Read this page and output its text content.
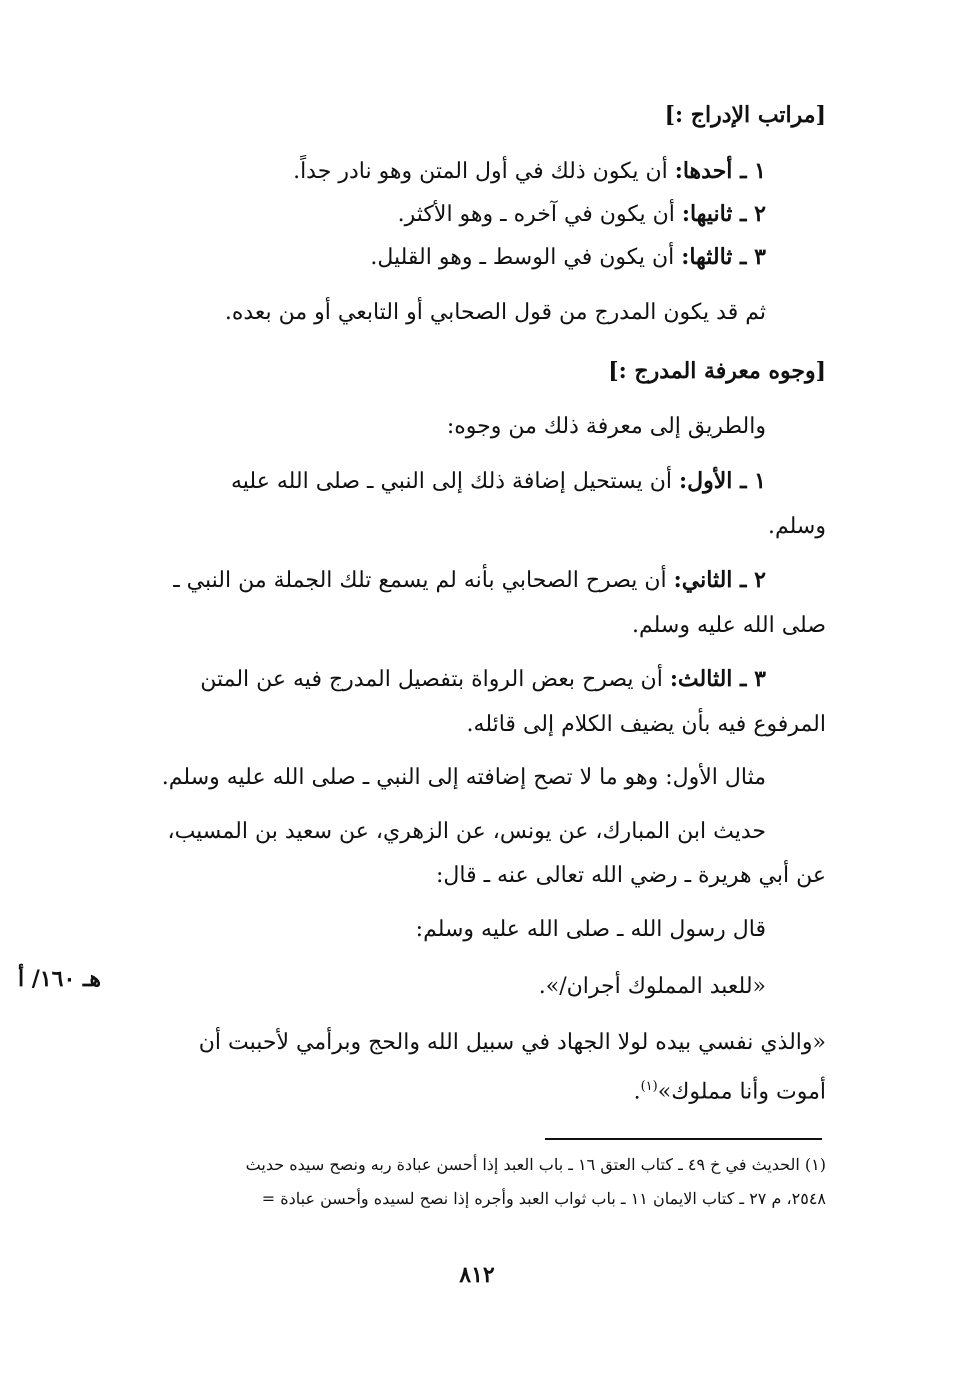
[مراتب الإدراج :]
١ ـ أحدها: أن يكون ذلك في أول المتن وهو نادر جداً.
٢ ـ ثانيها: أن يكون في آخره ـ وهو الأكثر.
٣ ـ ثالثها: أن يكون في الوسط ـ وهو القليل.
ثم قد يكون المدرج من قول الصحابي أو التابعي أو من بعده.
[وجوه معرفة المدرج :]
والطريق إلى معرفة ذلك من وجوه:
١ ـ الأول: أن يستحيل إضافة ذلك إلى النبي ـ صلى الله عليه
وسلم.
٢ ـ الثاني: أن يصرح الصحابي بأنه لم يسمع تلك الجملة من النبي ـ
صلى الله عليه وسلم.
٣ ـ الثالث: أن يصرح بعض الرواة بتفصيل المدرج فيه عن المتن
المرفوع فيه بأن يضيف الكلام إلى قائله.
مثال الأول: وهو ما لا تصح إضافته إلى النبي ـ صلى الله عليه وسلم.
حديث ابن المبارك، عن يونس، عن الزهري، عن سعيد بن المسيب،
عن أبي هريرة ـ رضي الله تعالى عنه ـ قال:
قال رسول الله ـ صلى الله عليه وسلم:
«للعبد المملوك أجران/».
هـ ١٦٠/ أ
«والذي نفسي بيده لولا الجهاد في سبيل الله والحج وبرأمي لأحببت أن
أموت وأنا مملوك»$^{(١)}$.
(١) الحديث في خ ٤٩ ـ كتاب العتق ١٦ ـ باب العبد إذا أحسن عبادة ربه ونصح سيده حديث
٢٥٤٨، م ٢٧ ـ كتاب الايمان ١١ ـ باب ثواب العبد وأجره إذا نصح لسيده وأحسن عبادة =
٨١٢
